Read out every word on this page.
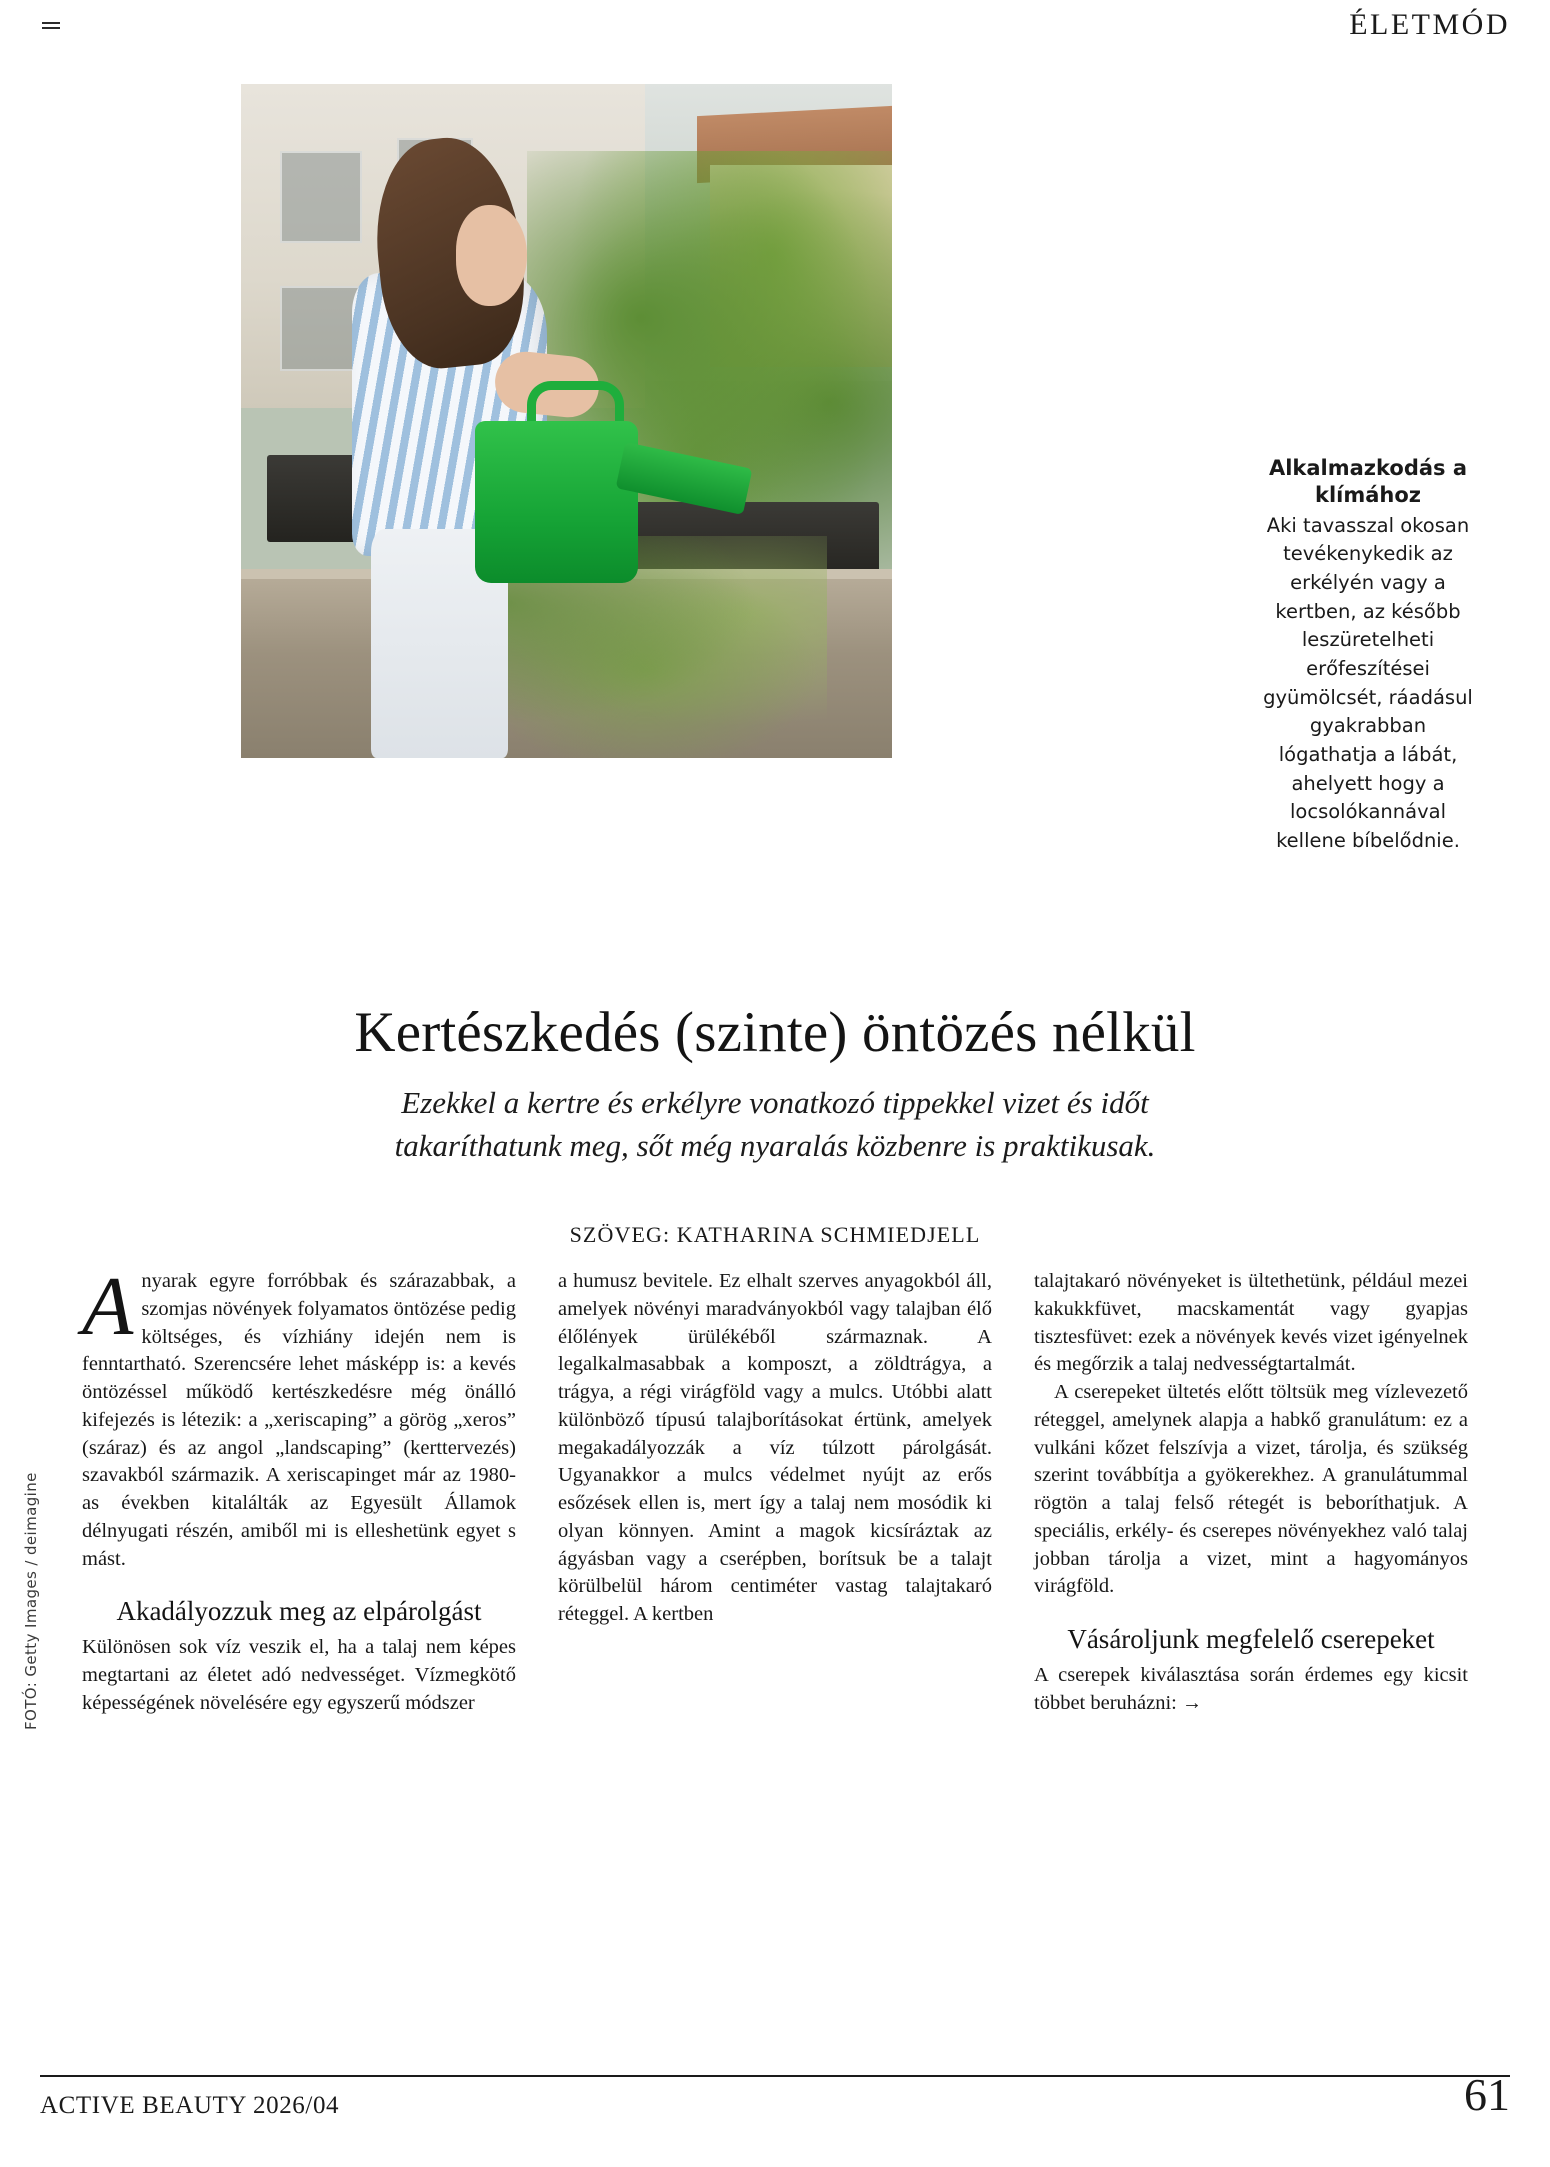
ÉLETMÓD
Alkalmazkodás a klímához
Aki tavasszal okosan tevékenykedik az erkélyén vagy a kertben, az később leszüretelheti erőfeszítései gyümölcsét, ráadásul gyakrabban lógathatja a lábát, ahelyett hogy a locsolókannával kellene bíbelődnie.
Kertészkedés (szinte) öntözés nélkül
Ezekkel a kertre és erkélyre vonatkozó tippekkel vizet és időt takaríthatunk meg, sőt még nyaralás közbenre is praktikusak.
SZÖVEG: KATHARINA SCHMIEDJELL

Anyarak egyre forróbbak és szárazabbak, a szomjas növények folyamatos öntözése pedig költséges, és vízhiány idején nem is fenntartható. Szerencsére lehet másképp is: a kevés öntözéssel működő kertészkedésre még önálló kifejezés is létezik: a „xeriscaping” a görög „xeros” (száraz) és az angol „landscaping” (kerttervezés) szavakból származik. A xeriscapinget már az 1980-as években kitalálták az Egyesült Államok délnyugati részén, amiből mi is elleshetünk egyet s mást.

Akadályozzuk meg az elpárolgást

Különösen sok víz veszik el, ha a talaj nem képes megtartani az életet adó nedvességet. Vízmegkötő képességének növelésére egy egyszerű módszer

a humusz bevitele. Ez elhalt szerves anyagokból áll, amelyek növényi maradványokból vagy talajban élő élőlények ürülékéből származnak. A legalkalmasabbak a komposzt, a zöldtrágya, a trágya, a régi virágföld vagy a mulcs. Utóbbi alatt különböző típusú talajborításokat értünk, amelyek megakadályozzák a víz túlzott párolgását. Ugyanakkor a mulcs védelmet nyújt az erős esőzések ellen is, mert így a talaj nem mosódik ki olyan könnyen. Amint a magok kicsíráztak az ágyásban vagy a cserépben, borítsuk be a talajt körülbelül három centiméter vastag talajtakaró réteggel. A kertben

talajtakaró növényeket is ültethetünk, például mezei kakukkfüvet, macskamentát vagy gyapjas tisztesfüvet: ezek a növények kevés vizet igényelnek és megőrzik a talaj nedvességtartalmát.

A cserepeket ültetés előtt töltsük meg vízlevezető réteggel, amelynek alapja a habkő granulátum: ez a vulkáni kőzet felszívja a vizet, tárolja, és szükség szerint továbbítja a gyökerekhez. A granulátummal rögtön a talaj felső rétegét is beboríthatjuk. A speciális, erkély- és cserepes növényekhez való talaj jobban tárolja a vizet, mint a hagyományos virágföld.

Vásároljunk megfelelő cserepeket

A cserepek kiválasztása során érdemes egy kicsit többet beruházni: →

FOTÓ: Getty Images / deimagine
ACTIVE BEAUTY 2026/04	61
